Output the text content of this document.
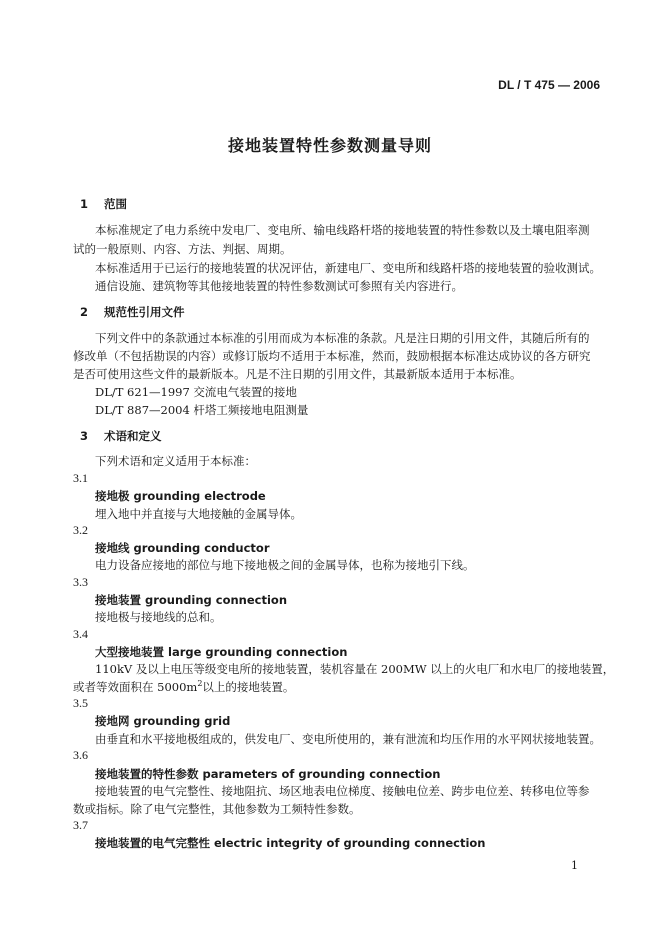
DL / T 475 — 2006
接地装置特性参数测量导则
1 范围
本标准规定了电力系统中发电厂、变电所、输电线路杆塔的接地装置的特性参数以及土壤电阻率测
试的一般原则、内容、方法、判据、周期。
本标准适用于已运行的接地装置的状况评估，新建电厂、变电所和线路杆塔的接地装置的验收测试。
通信设施、建筑物等其他接地装置的特性参数测试可参照有关内容进行。
2 规范性引用文件
下列文件中的条款通过本标准的引用而成为本标准的条款。凡是注日期的引用文件，其随后所有的
修改单（不包括勘误的内容）或修订版均不适用于本标准，然而，鼓励根据本标准达成协议的各方研究
是否可使用这些文件的最新版本。凡是不注日期的引用文件，其最新版本适用于本标准。
DL/T 621—1997 交流电气装置的接地
DL/T 887—2004 杆塔工频接地电阻测量
3 术语和定义
下列术语和定义适用于本标准：
3.1
接地极 grounding electrode
埋入地中并直接与大地接触的金属导体。
3.2
接地线 grounding conductor
电力设备应接地的部位与地下接地极之间的金属导体，也称为接地引下线。
3.3
接地装置 grounding connection
接地极与接地线的总和。
3.4
大型接地装置 large grounding connection
110kV 及以上电压等级变电所的接地装置，装机容量在 200MW 以上的火电厂和水电厂的接地装置，
或者等效面积在 $5000m^2$以上的接地装置。
3.5
接地网 grounding grid
由垂直和水平接地极组成的，供发电厂、变电所使用的，兼有泄流和均压作用的水平网状接地装置。
3.6
接地装置的特性参数 parameters of grounding connection
接地装置的电气完整性、接地阻抗、场区地表电位梯度、接触电位差、跨步电位差、转移电位等参
数或指标。除了电气完整性，其他参数为工频特性参数。
3.7
接地装置的电气完整性 electric integrity of grounding connection
1
